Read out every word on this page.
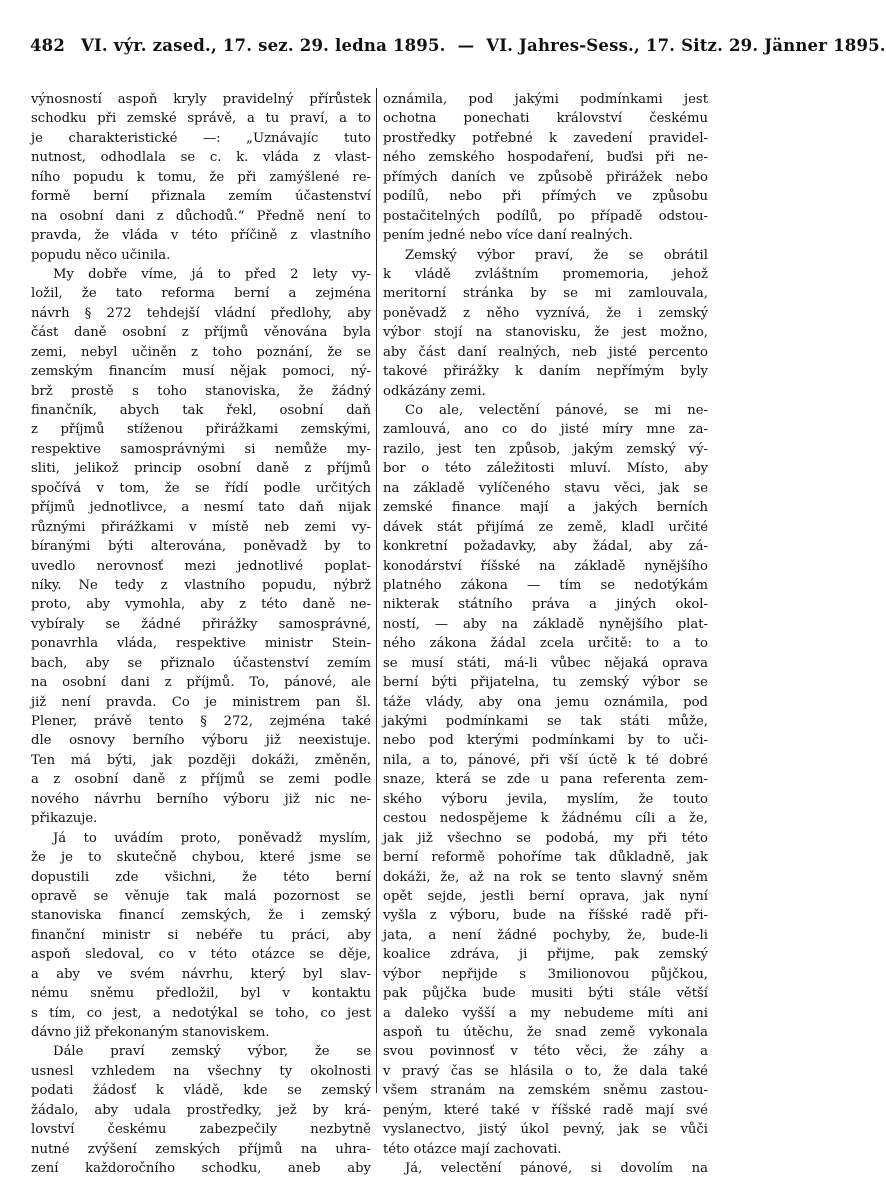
482 VI. výr. zased., 17. sez. 29. ledna 1895. — VI. Jahres-Sess., 17. Sitz. 29. Jänner 1895.
výnosností aspoň kryly pravidelný přírůstek
schodku při zemské správě, a tu praví, a to
je charakteristické —: „Uznávajíc tuto
nutnost, odhodlala se c. k. vláda z vlast-
ního popudu k tomu, že při zamýšlené re-
formě berní přiznala zemím účastenství
na osobní dani z důchodů.“ Předně není to
pravda, že vláda v této příčině z vlastního
popudu něco učinila.
My dobře víme, já to před 2 lety vy-
ložil, že tato reforma berní a zejména
návrh § 272 tehdejší vládní předlohy, aby
část daně osobní z příjmů věnována byla
zemi, nebyl učiněn z toho poznání, že se
zemským financím musí nějak pomoci, ný-
brž prostě s toho stanoviska, že žádný
finančník, abych tak řekl, osobní daň
z příjmů stíženou přirážkami zemskými,
respektive samosprávnými si nemůže my-
sliti, jelikož princip osobní daně z příjmů
spočívá v tom, že se řídí podle určitých
příjmů jednotlivce, a nesmí tato daň nijak
různými přirážkami v místě neb zemi vy-
bíranými býti alterována, poněvadž by to
uvedlo nerovnosť mezi jednotlivé poplat-
níky. Ne tedy z vlastního popudu, nýbrž
proto, aby vymohla, aby z této daně ne-
vybíraly se žádné přirážky samosprávné,
ponavrhla vláda, respektive ministr Stein-
bach, aby se přiznalo účastenství zemím
na osobní dani z příjmů. To, pánové, ale
již není pravda. Co je ministrem pan šl.
Plener, právě tento § 272, zejména také
dle osnovy berního výboru již neexistuje.
Ten má býti, jak později dokáži, změněn,
a z osobní daně z příjmů se zemi podle
nového návrhu berního výboru již nic ne-
přikazuje.
Já to uvádím proto, poněvadž myslím,
že je to skutečně chybou, které jsme se
dopustili zde všichni, že této berní
opravě se věnuje tak malá pozornost se
stanoviska financí zemských, že i zemský
finanční ministr si nebéře tu práci, aby
aspoň sledoval, co v této otázce se děje,
a aby ve svém návrhu, který byl slav-
nému sněmu předložil, byl v kontaktu
s tím, co jest, a nedotýkal se toho, co jest
dávno již překonaným stanoviskem.
Dále praví zemský výbor, že se
usnesl vzhledem na všechny ty okolnosti
podati žádosť k vládě, kde se zemský
žádalo, aby udala prostředky, jež by krá-
lovství českému zabezpečily nezbytně
nutné zvýšení zemských příjmů na uhra-
zení každoročního schodku, aneb aby
oznámila, pod jakými podmínkami jest
ochotna ponechati království českému
prostředky potřebné k zavedení pravidel-
ného zemského hospodaření, buďsi při ne-
přímých daních ve způsobě přirážek nebo
podílů, nebo při přímých ve způsobu
postačitelných podílů, po případě odstou-
pením jedné nebo více daní realných.
Zemský výbor praví, že se obrátil
k vládě zvláštním promemoria, jehož
meritorní stránka by se mi zamlouvala,
poněvadž z něho vyznívá, že i zemský
výbor stojí na stanovisku, že jest možno,
aby část daní realných, neb jisté percento
takové přirážky k daním nepřímým byly
odkázány zemi.
Co ale, velectění pánové, se mi ne-
zamlouvá, ano co do jisté míry mne za-
razilo, jest ten způsob, jakým zemský vý-
bor o této záležitosti mluví. Místo, aby
na základě vylíčeného stavu věci, jak se
zemské finance mají a jakých berních
dávek stát přijímá ze země, kladl určité
konkretní požadavky, aby žádal, aby zá-
konodárství říšské na základě nynějšího
platného zákona — tím se nedotýkám
nikterak státního práva a jiných okol-
ností, — aby na základě nynějšího plat-
ného zákona žádal zcela určitě: to a to
se musí státi, má-li vůbec nějaká oprava
berní býti přijatelna, tu zemský výbor se
táže vlády, aby ona jemu oznámila, pod
jakými podmínkami se tak státi může,
nebo pod kterými podmínkami by to uči-
nila, a to, pánové, při vší úctě k té dobré
snaze, která se zde u pana referenta zem-
ského výboru jevila, myslím, že touto
cestou nedospějeme k žádnému cíli a že,
jak již všechno se podobá, my při této
berní reformě pohoříme tak důkladně, jak
dokáži, že, až na rok se tento slavný sněm
opět sejde, jestli berní oprava, jak nyní
vyšla z výboru, bude na říšské radě při-
jata, a není žádné pochyby, že, bude-li
koalice zdráva, ji přijme, pak zemský
výbor nepřijde s 3milionovou půjčkou,
pak půjčka bude musiti býti stále větší
a daleko vyšší a my nebudeme míti ani
aspoň tu útěchu, že snad země vykonala
svou povinnosť v této věci, že záhy a
v pravý čas se hlásila o to, že dala také
všem stranám na zemském sněmu zastou-
peným, které také v říšské radě mají své
vyslanectvo, jistý úkol pevný, jak se vůči
této otázce mají zachovati.
Já, velectění pánové, si dovolím na
